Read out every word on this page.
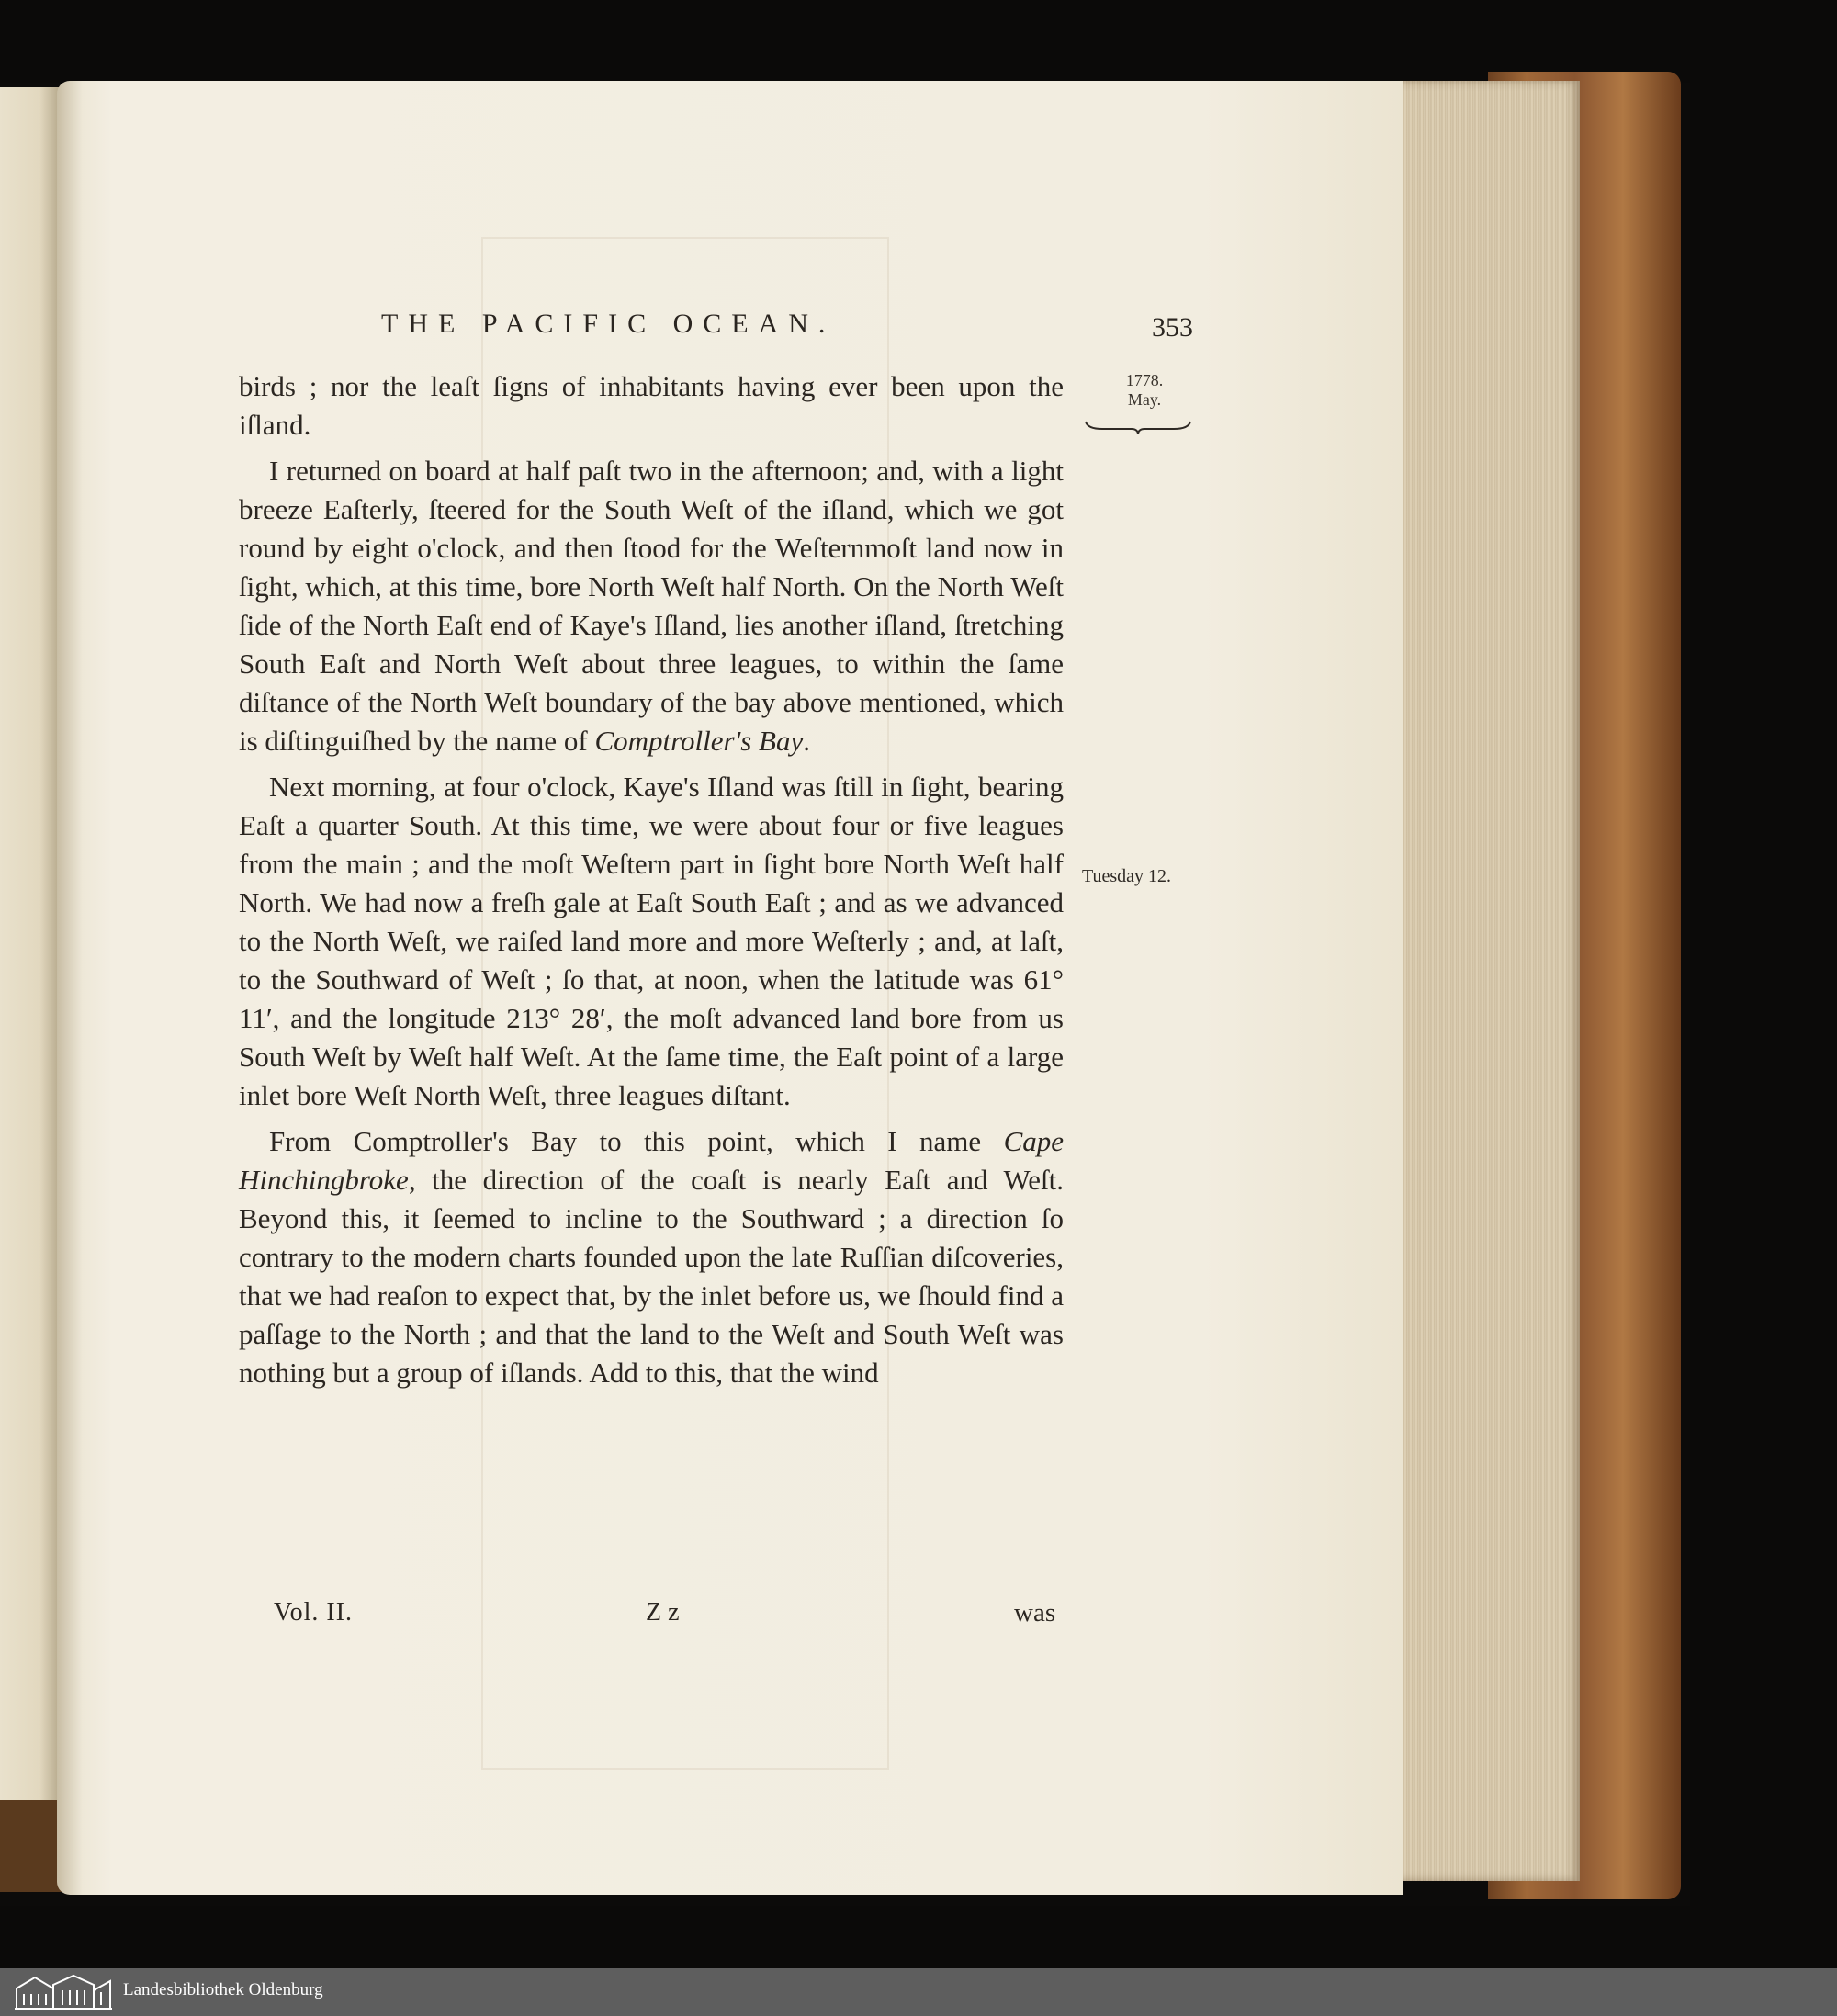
THE PACIFIC OCEAN.	353
1778.
May.
Tuesday 12.

birds ; nor the leaſt ſigns of inhabitants having ever been upon the iſland.

I returned on board at half paſt two in the afternoon; and, with a light breeze Eaſterly, ſteered for the South Weſt of the iſland, which we got round by eight o'clock, and then ſtood for the Weſternmoſt land now in ſight, which, at this time, bore North Weſt half North. On the North Weſt ſide of the North Eaſt end of Kaye's Iſland, lies another iſland, ſtretching South Eaſt and North Weſt about three leagues, to within the ſame diſtance of the North Weſt boundary of the bay above mentioned, which is diſtinguiſhed by the name of Comptroller's Bay.

Next morning, at four o'clock, Kaye's Iſland was ſtill in ſight, bearing Eaſt a quarter South. At this time, we were about four or five leagues from the main ; and the moſt Weſtern part in ſight bore North Weſt half North. We had now a freſh gale at Eaſt South Eaſt ; and as we advanced to the North Weſt, we raiſed land more and more Weſterly ; and, at laſt, to the Southward of Weſt ; ſo that, at noon, when the latitude was 61° 11′, and the longitude 213° 28′, the moſt advanced land bore from us South Weſt by Weſt half Weſt. At the ſame time, the Eaſt point of a large inlet bore Weſt North Weſt, three leagues diſtant.

From Comptroller's Bay to this point, which I name Cape Hinchingbroke, the direction of the coaſt is nearly Eaſt and Weſt. Beyond this, it ſeemed to incline to the Southward ; a direction ſo contrary to the modern charts founded upon the late Ruſſian diſcoveries, that we had reaſon to expect that, by the inlet before us, we ſhould find a paſſage to the North ; and that the land to the Weſt and South Weſt was nothing but a group of iſlands. Add to this, that the wind

Vol. II.	Z z	was
Landesbibliothek Oldenburg
